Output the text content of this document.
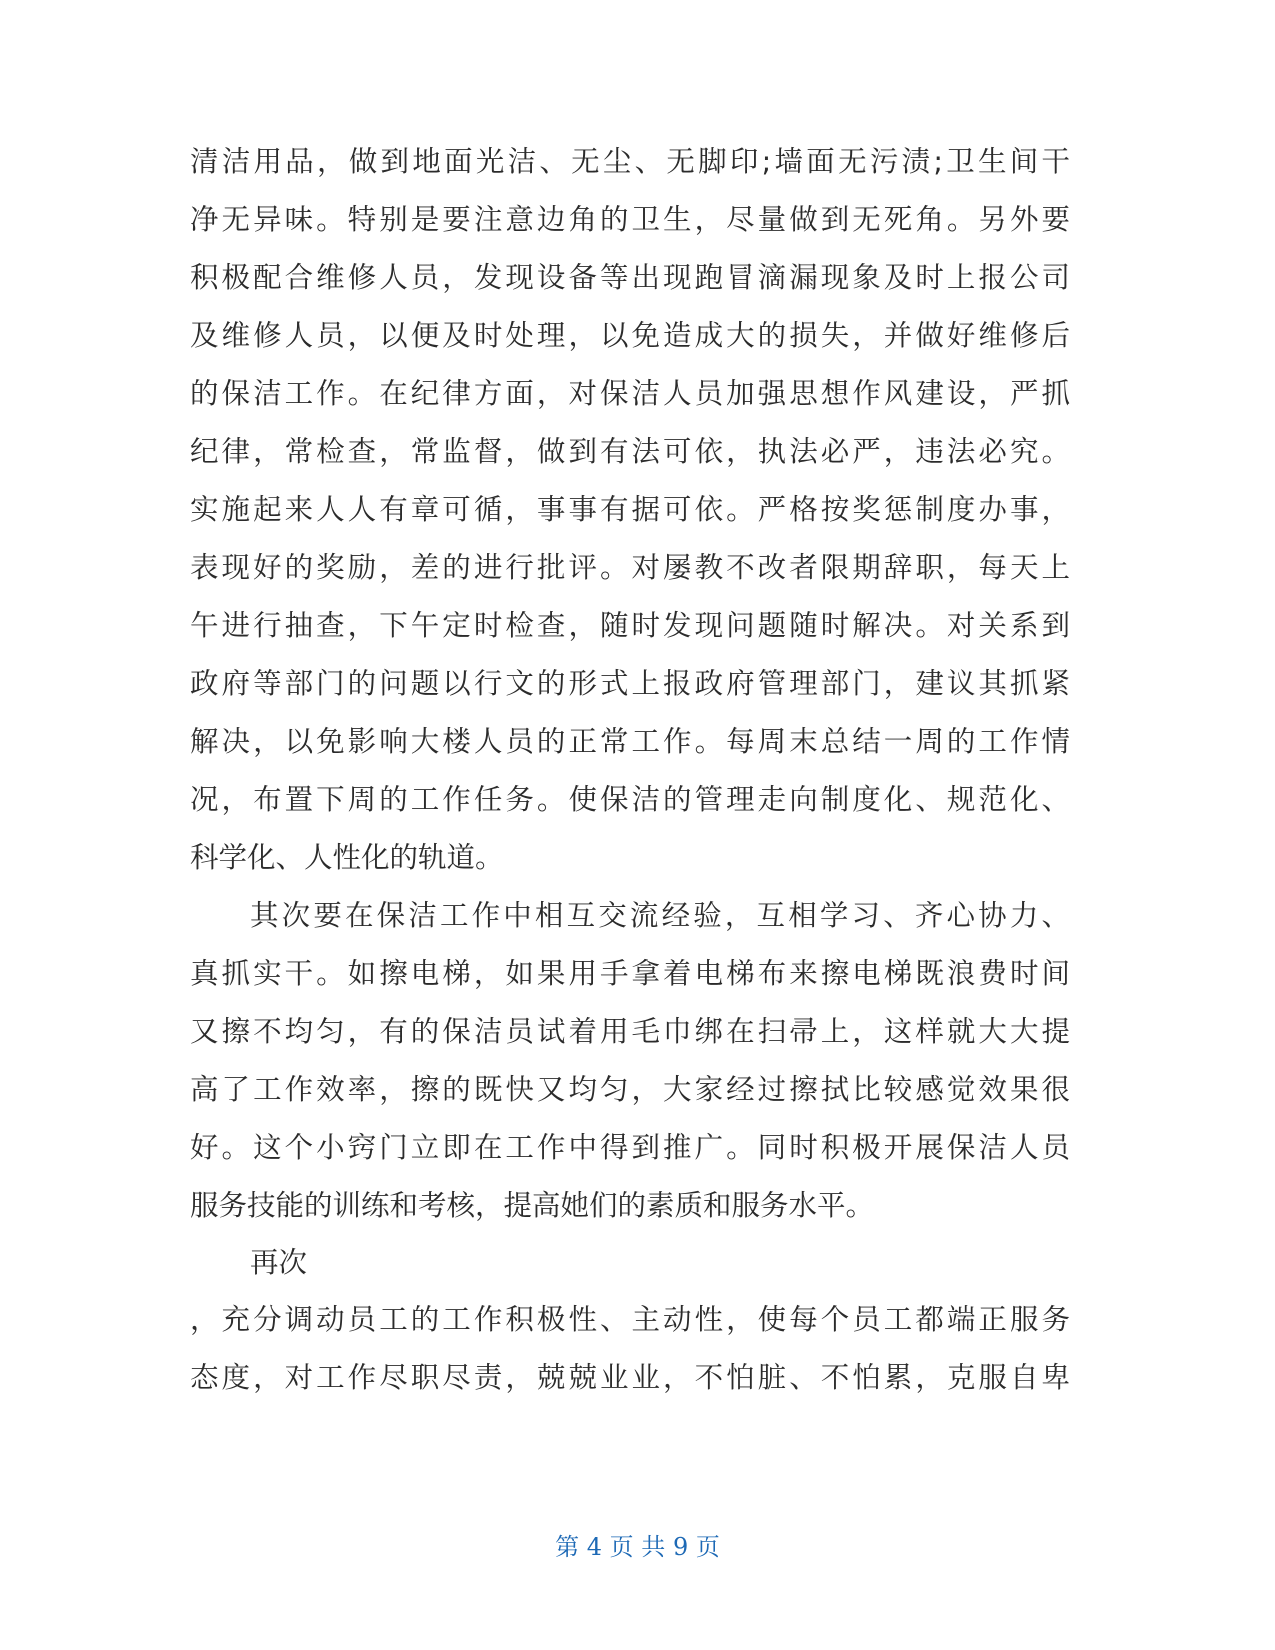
清洁用品，做到地面光洁、无尘、无脚印;墙面无污渍;卫生间干
净无异味。特别是要注意边角的卫生，尽量做到无死角。另外要
积极配合维修人员，发现设备等出现跑冒滴漏现象及时上报公司
及维修人员，以便及时处理，以免造成大的损失，并做好维修后
的保洁工作。在纪律方面，对保洁人员加强思想作风建设，严抓
纪律，常检查，常监督，做到有法可依，执法必严，违法必究。
实施起来人人有章可循，事事有据可依。严格按奖惩制度办事，
表现好的奖励，差的进行批评。对屡教不改者限期辞职，每天上
午进行抽查，下午定时检查，随时发现问题随时解决。对关系到
政府等部门的问题以行文的形式上报政府管理部门，建议其抓紧
解决，以免影响大楼人员的正常工作。每周末总结一周的工作情
况，布置下周的工作任务。使保洁的管理走向制度化、规范化、
科学化、人性化的轨道。
其次要在保洁工作中相互交流经验，互相学习、齐心协力、
真抓实干。如擦电梯，如果用手拿着电梯布来擦电梯既浪费时间
又擦不均匀，有的保洁员试着用毛巾绑在扫帚上，这样就大大提
高了工作效率，擦的既快又均匀，大家经过擦拭比较感觉效果很
好。这个小窍门立即在工作中得到推广。同时积极开展保洁人员
服务技能的训练和考核，提高她们的素质和服务水平。
再次
，充分调动员工的工作积极性、主动性，使每个员工都端正服务
态度，对工作尽职尽责，兢兢业业，不怕脏、不怕累，克服自卑
第 4 页 共 9 页
